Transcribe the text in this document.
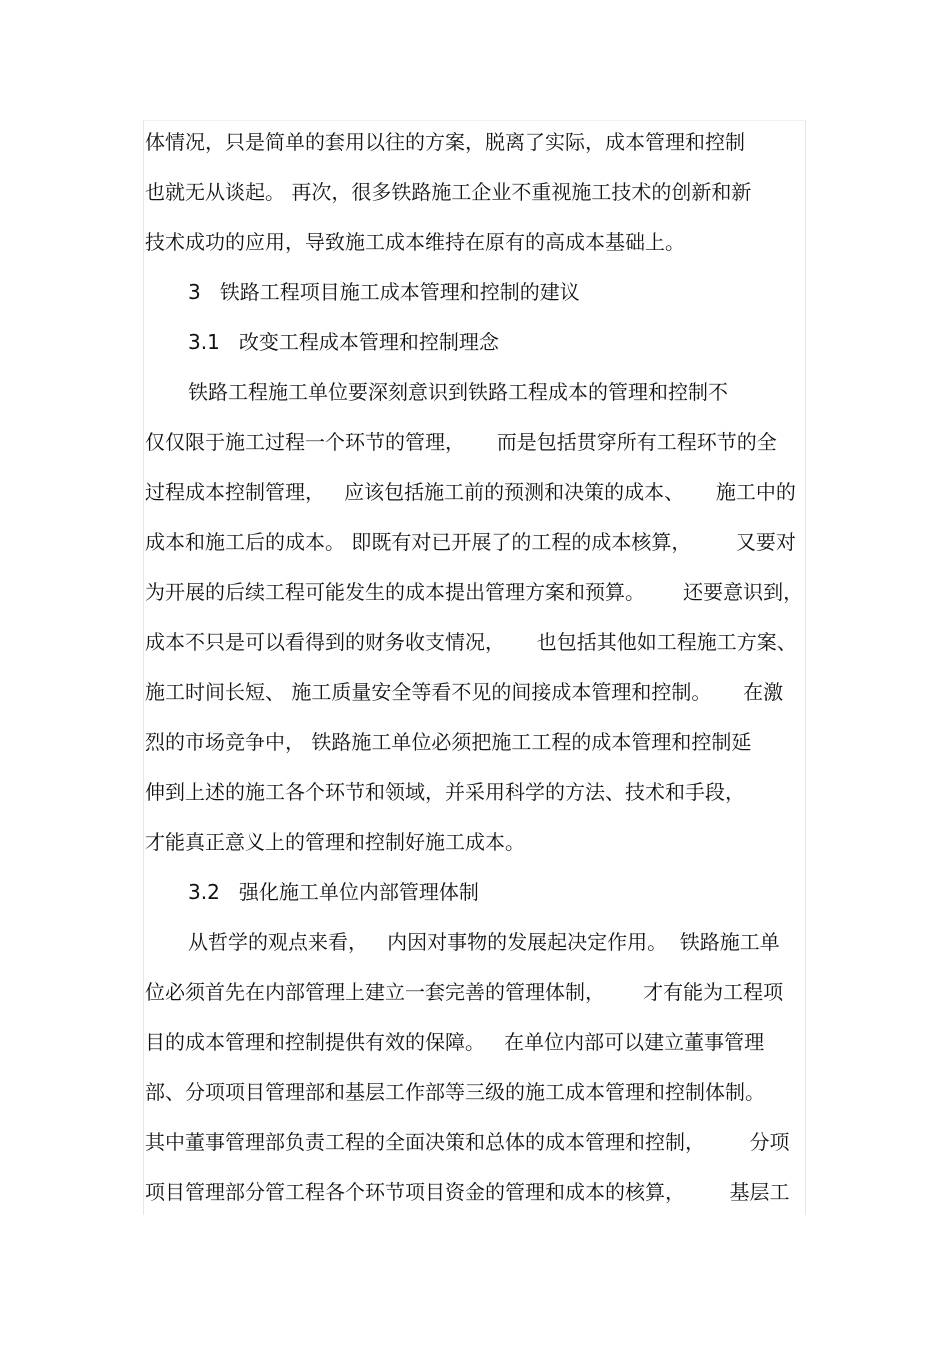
体情况，只是简单的套用以往的方案，脱离了实际，成本管理和控制
也就无从谈起。 再次，很多铁路施工企业不重视施工技术的创新和新
技术成功的应用，导致施工成本维持在原有的高成本基础上。
3   铁路工程项目施工成本管理和控制的建议
3.1   改变工程成本管理和控制理念
铁路工程施工单位要深刻意识到铁路工程成本的管理和控制不
仅仅限于施工过程一个环节的管理，     而是包括贯穿所有工程环节的全
过程成本控制管理，   应该包括施工前的预测和决策的成本、     施工中的
成本和施工后的成本。 即既有对已开展了的工程的成本核算，       又要对
为开展的后续工程可能发生的成本提出管理方案和预算。      还要意识到，
成本不只是可以看得到的财务收支情况，     也包括其他如工程施工方案、
施工时间长短、 施工质量安全等看不见的间接成本管理和控制。     在激
烈的市场竞争中， 铁路施工单位必须把施工工程的成本管理和控制延
伸到上述的施工各个环节和领域，并采用科学的方法、技术和手段，
才能真正意义上的管理和控制好施工成本。
3.2   强化施工单位内部管理体制
从哲学的观点来看，   内因对事物的发展起决定作用。  铁路施工单
位必须首先在内部管理上建立一套完善的管理体制，      才有能为工程项
目的成本管理和控制提供有效的保障。   在单位内部可以建立董事管理
部、分项项目管理部和基层工作部等三级的施工成本管理和控制体制。
其中董事管理部负责工程的全面决策和总体的成本管理和控制，       分项
项目管理部分管工程各个环节项目资金的管理和成本的核算，       基层工
